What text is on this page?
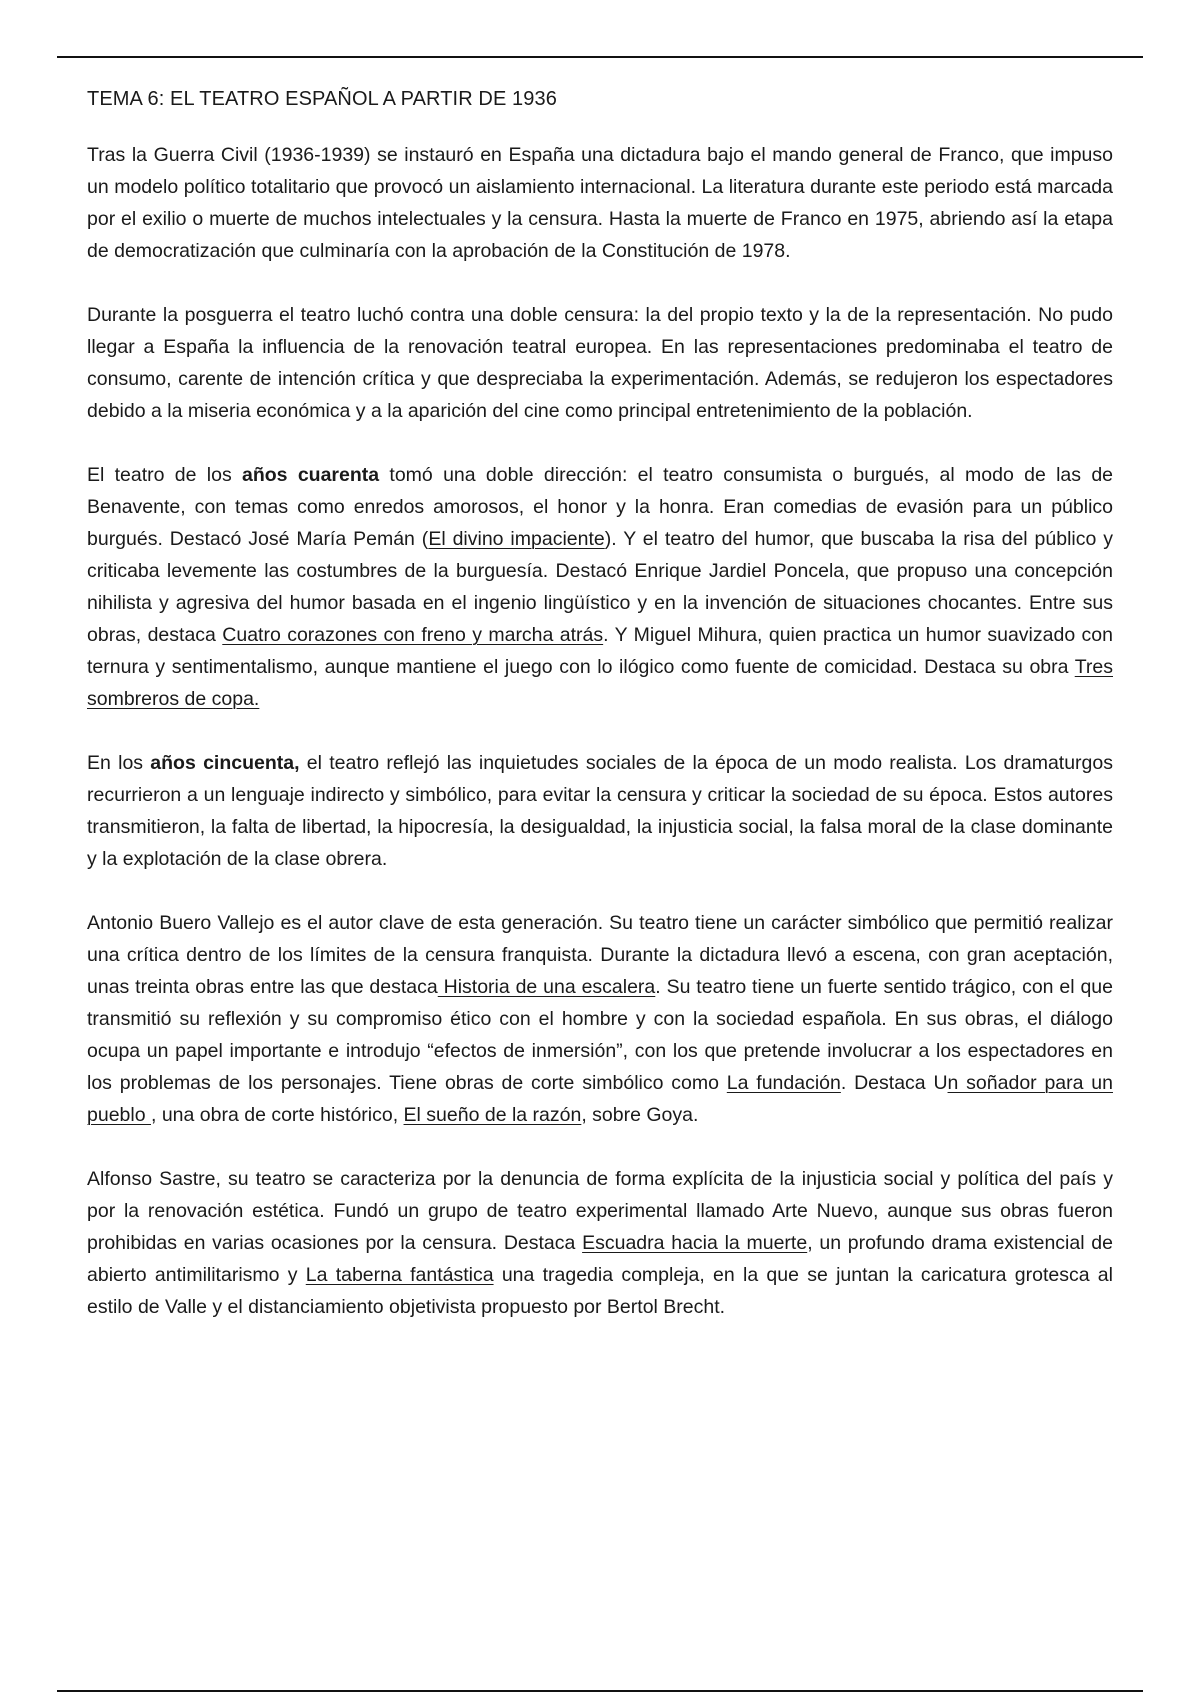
TEMA 6: EL TEATRO ESPAÑOL A PARTIR DE 1936

Tras la Guerra Civil (1936-1939) se instauró en España una dictadura bajo el mando general de Franco, que impuso un modelo político totalitario que provocó un aislamiento internacional. La literatura durante este periodo está marcada por el exilio o muerte de muchos intelectuales y la censura. Hasta la muerte de Franco en 1975, abriendo así la etapa de democratización que culminaría con la aprobación de la Constitución de 1978.

Durante la posguerra el teatro luchó contra una doble censura: la del propio texto y la de la representación. No pudo llegar a España la influencia de la renovación teatral europea. En las representaciones predominaba el teatro de consumo, carente de intención crítica y que despreciaba la experimentación. Además, se redujeron los espectadores debido a la miseria económica y a la aparición del cine como principal entretenimiento de la población.

El teatro de los años cuarenta tomó una doble dirección: el teatro consumista o burgués, al modo de las de Benavente, con temas como enredos amorosos, el honor y la honra. Eran comedias de evasión para un público burgués. Destacó José María Pemán (El divino impaciente). Y el teatro del humor, que buscaba la risa del público y criticaba levemente las costumbres de la burguesía. Destacó Enrique Jardiel Poncela, que propuso una concepción nihilista y agresiva del humor basada en el ingenio lingüístico y en la invención de situaciones chocantes. Entre sus obras, destaca Cuatro corazones con freno y marcha atrás. Y Miguel Mihura, quien practica un humor suavizado con ternura y sentimentalismo, aunque mantiene el juego con lo ilógico como fuente de comicidad. Destaca su obra Tres sombreros de copa.

En los años cincuenta, el teatro reflejó las inquietudes sociales de la época de un modo realista. Los dramaturgos recurrieron a un lenguaje indirecto y simbólico, para evitar la censura y criticar la sociedad de su época. Estos autores transmitieron, la falta de libertad, la hipocresía, la desigualdad, la injusticia social, la falsa moral de la clase dominante y la explotación de la clase obrera.

Antonio Buero Vallejo es el autor clave de esta generación. Su teatro tiene un carácter simbólico que permitió realizar una crítica dentro de los límites de la censura franquista. Durante la dictadura llevó a escena, con gran aceptación, unas treinta obras entre las que destaca Historia de una escalera. Su teatro tiene un fuerte sentido trágico, con el que transmitió su reflexión y su compromiso ético con el hombre y con la sociedad española. En sus obras, el diálogo ocupa un papel importante e introdujo “efectos de inmersión”, con los que pretende involucrar a los espectadores en los problemas de los personajes. Tiene obras de corte simbólico como La fundación. Destaca Un soñador para un pueblo , una obra de corte histórico, El sueño de la razón, sobre Goya.

Alfonso Sastre, su teatro se caracteriza por la denuncia de forma explícita de la injusticia social y política del país y por la renovación estética. Fundó un grupo de teatro experimental llamado Arte Nuevo, aunque sus obras fueron prohibidas en varias ocasiones por la censura. Destaca Escuadra hacia la muerte, un profundo drama existencial de abierto antimilitarismo y La taberna fantástica una tragedia compleja, en la que se juntan la caricatura grotesca al estilo de Valle y el distanciamiento objetivista propuesto por Bertol Brecht.
